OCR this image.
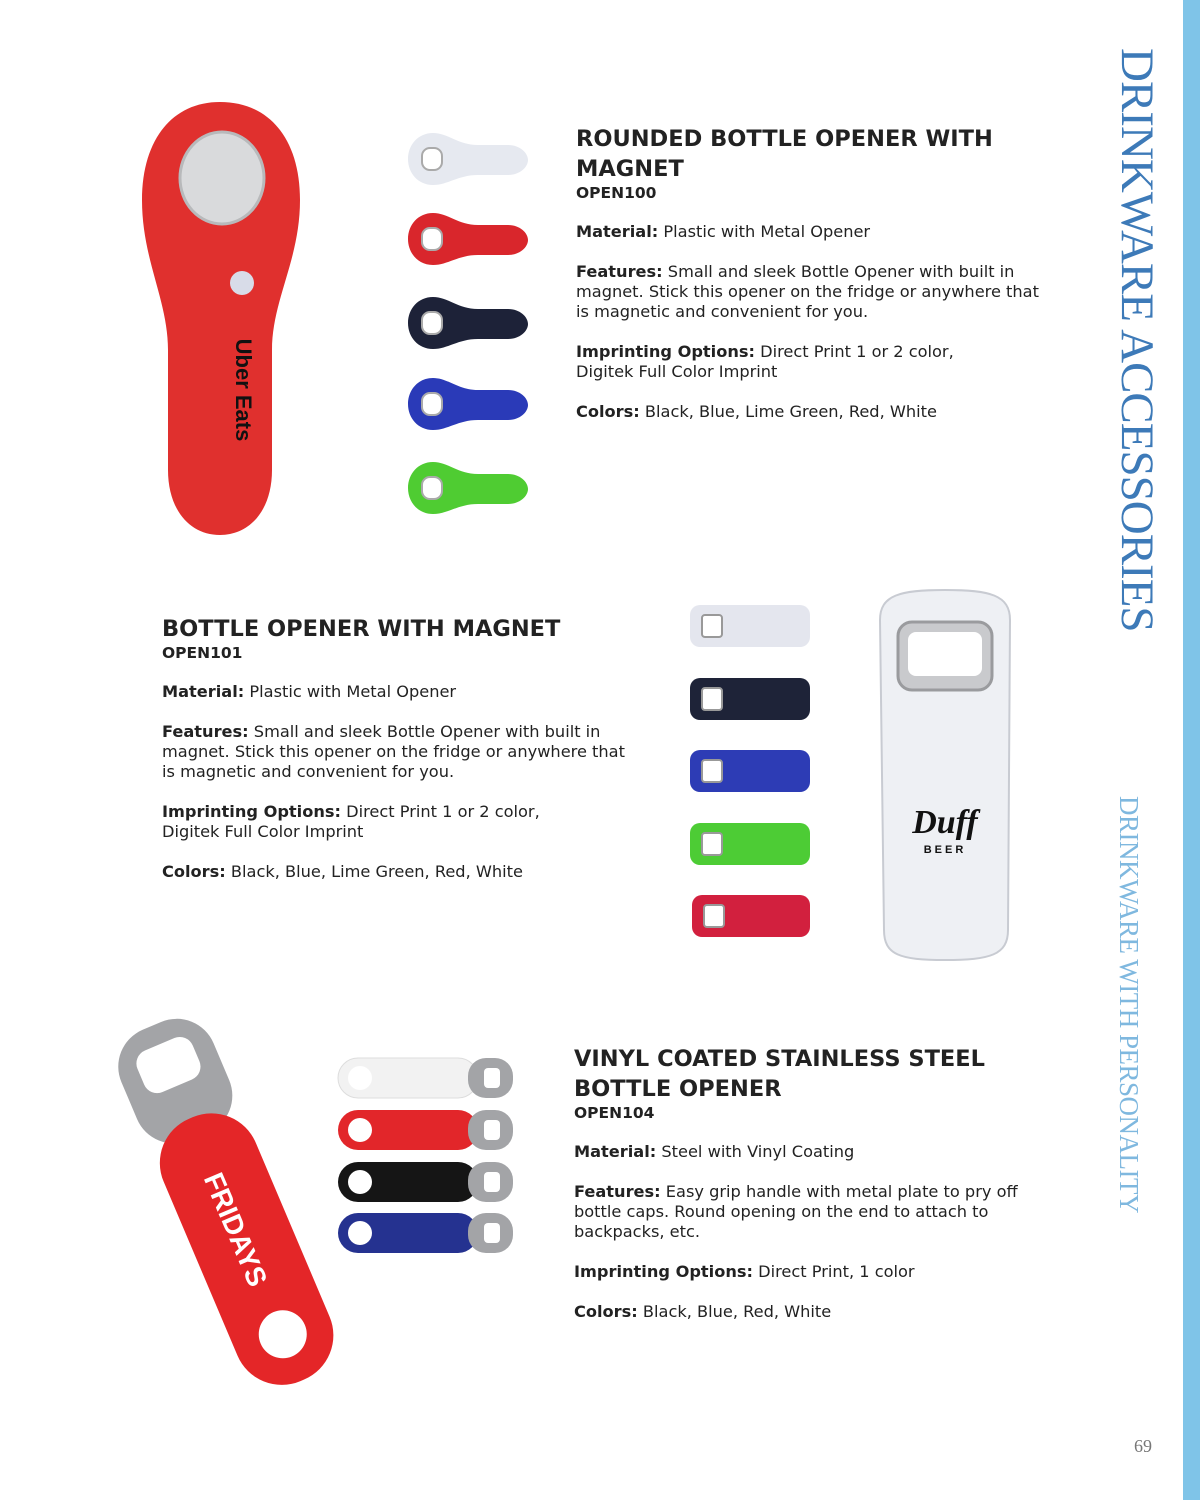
DRINKWARE ACCESSORIES
DRINKWARE WITH PERSONALITY
69
Uber Eats
Duff
BEER
FRIDAYS
ROUNDED BOTTLE OPENER WITH
MAGNET
OPEN100

Material: Plastic with Metal Opener

Features: Small and sleek Bottle Opener with built in
magnet. Stick this opener on the fridge or anywhere that
is magnetic and convenient for you.

Imprinting Options: Direct Print 1 or 2 color,
Digitek Full Color Imprint

Colors: Black, Blue, Lime Green, Red, White

BOTTLE OPENER WITH MAGNET
OPEN101

Material: Plastic with Metal Opener

Features: Small and sleek Bottle Opener with built in
magnet. Stick this opener on the fridge or anywhere that
is magnetic and convenient for you.

Imprinting Options: Direct Print 1 or 2 color,
Digitek Full Color Imprint

Colors: Black, Blue, Lime Green, Red, White

VINYL COATED STAINLESS STEEL
BOTTLE OPENER
OPEN104

Material: Steel with Vinyl Coating

Features: Easy grip handle with metal plate to pry off
bottle caps. Round opening on the end to attach to
backpacks, etc.

Imprinting Options: Direct Print, 1 color

Colors: Black, Blue, Red, White
